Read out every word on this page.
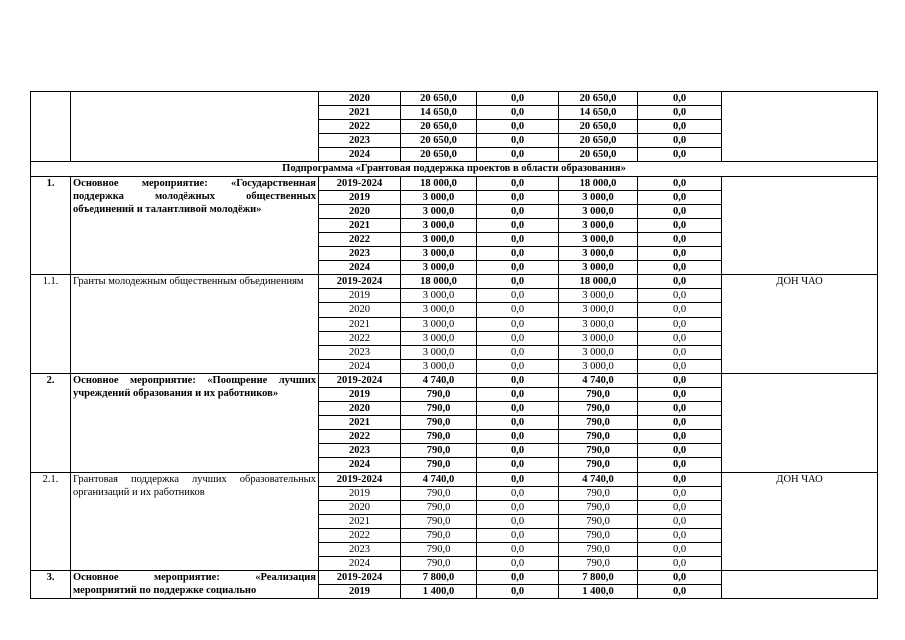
		2020	20 650,0	0,0	20 650,0	0,0	
		2021	14 650,0	0,0	14 650,0	0,0	
		2022	20 650,0	0,0	20 650,0	0,0	
		2023	20 650,0	0,0	20 650,0	0,0	
		2024	20 650,0	0,0	20 650,0	0,0	
Подпрограмма «Грантовая поддержка проектов в области образования»							
1.	Основное мероприятие: «Государственная поддержка молодёжных общественных объединений и талантливой молодёжи»	2019-2024	18 000,0	0,0	18 000,0	0,0	
		2019	3 000,0	0,0	3 000,0	0,0	
		2020	3 000,0	0,0	3 000,0	0,0	
		2021	3 000,0	0,0	3 000,0	0,0	
		2022	3 000,0	0,0	3 000,0	0,0	
		2023	3 000,0	0,0	3 000,0	0,0	
		2024	3 000,0	0,0	3 000,0	0,0	
1.1.	Гранты молодежным общественным объединениям	2019-2024	18 000,0	0,0	18 000,0	0,0	ДОН ЧАО
		2019	3 000,0	0,0	3 000,0	0,0	
		2020	3 000,0	0,0	3 000,0	0,0	
		2021	3 000,0	0,0	3 000,0	0,0	
		2022	3 000,0	0,0	3 000,0	0,0	
		2023	3 000,0	0,0	3 000,0	0,0	
		2024	3 000,0	0,0	3 000,0	0,0	
2.	Основное мероприятие: «Поощрение лучших учреждений образования и их работников»	2019-2024	4 740,0	0,0	4 740,0	0,0	
		2019	790,0	0,0	790,0	0,0	
		2020	790,0	0,0	790,0	0,0	
		2021	790,0	0,0	790,0	0,0	
		2022	790,0	0,0	790,0	0,0	
		2023	790,0	0,0	790,0	0,0	
		2024	790,0	0,0	790,0	0,0	
2.1.	Грантовая поддержка лучших образовательных организаций и их работников	2019-2024	4 740,0	0,0	4 740,0	0,0	ДОН ЧАО
		2019	790,0	0,0	790,0	0,0	
		2020	790,0	0,0	790,0	0,0	
		2021	790,0	0,0	790,0	0,0	
		2022	790,0	0,0	790,0	0,0	
		2023	790,0	0,0	790,0	0,0	
		2024	790,0	0,0	790,0	0,0	
3.	Основное мероприятие: «Реализация мероприятий по поддержке социально	2019-2024	7 800,0	0,0	7 800,0	0,0	
		2019	1 400,0	0,0	1 400,0	0,0	
